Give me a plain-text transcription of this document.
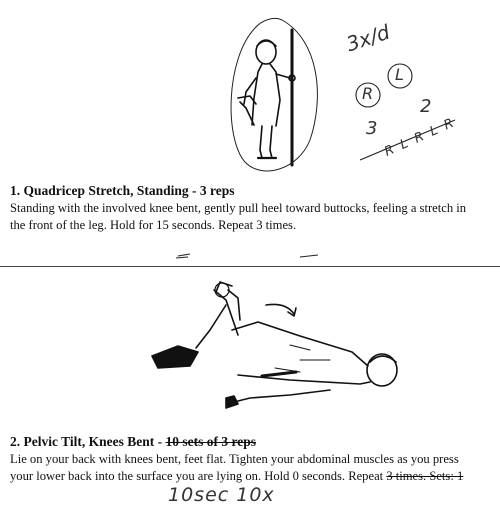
3x/d
R
L
3
2
R L R L R
1. Quadricep Stretch, Standing - 3 reps
Standing with the involved knee bent, gently pull heel toward buttocks, feeling a stretch in
the front of the leg. Hold for 15 seconds. Repeat 3 times.
2. Pelvic Tilt, Knees Bent - 10 sets of 3 reps
Lie on your back with knees bent, feet flat. Tighten your abdominal muscles as you press
your lower back into the surface you are lying on. Hold 0 seconds. Repeat 3 times. Sets: 1
10sec 10x
